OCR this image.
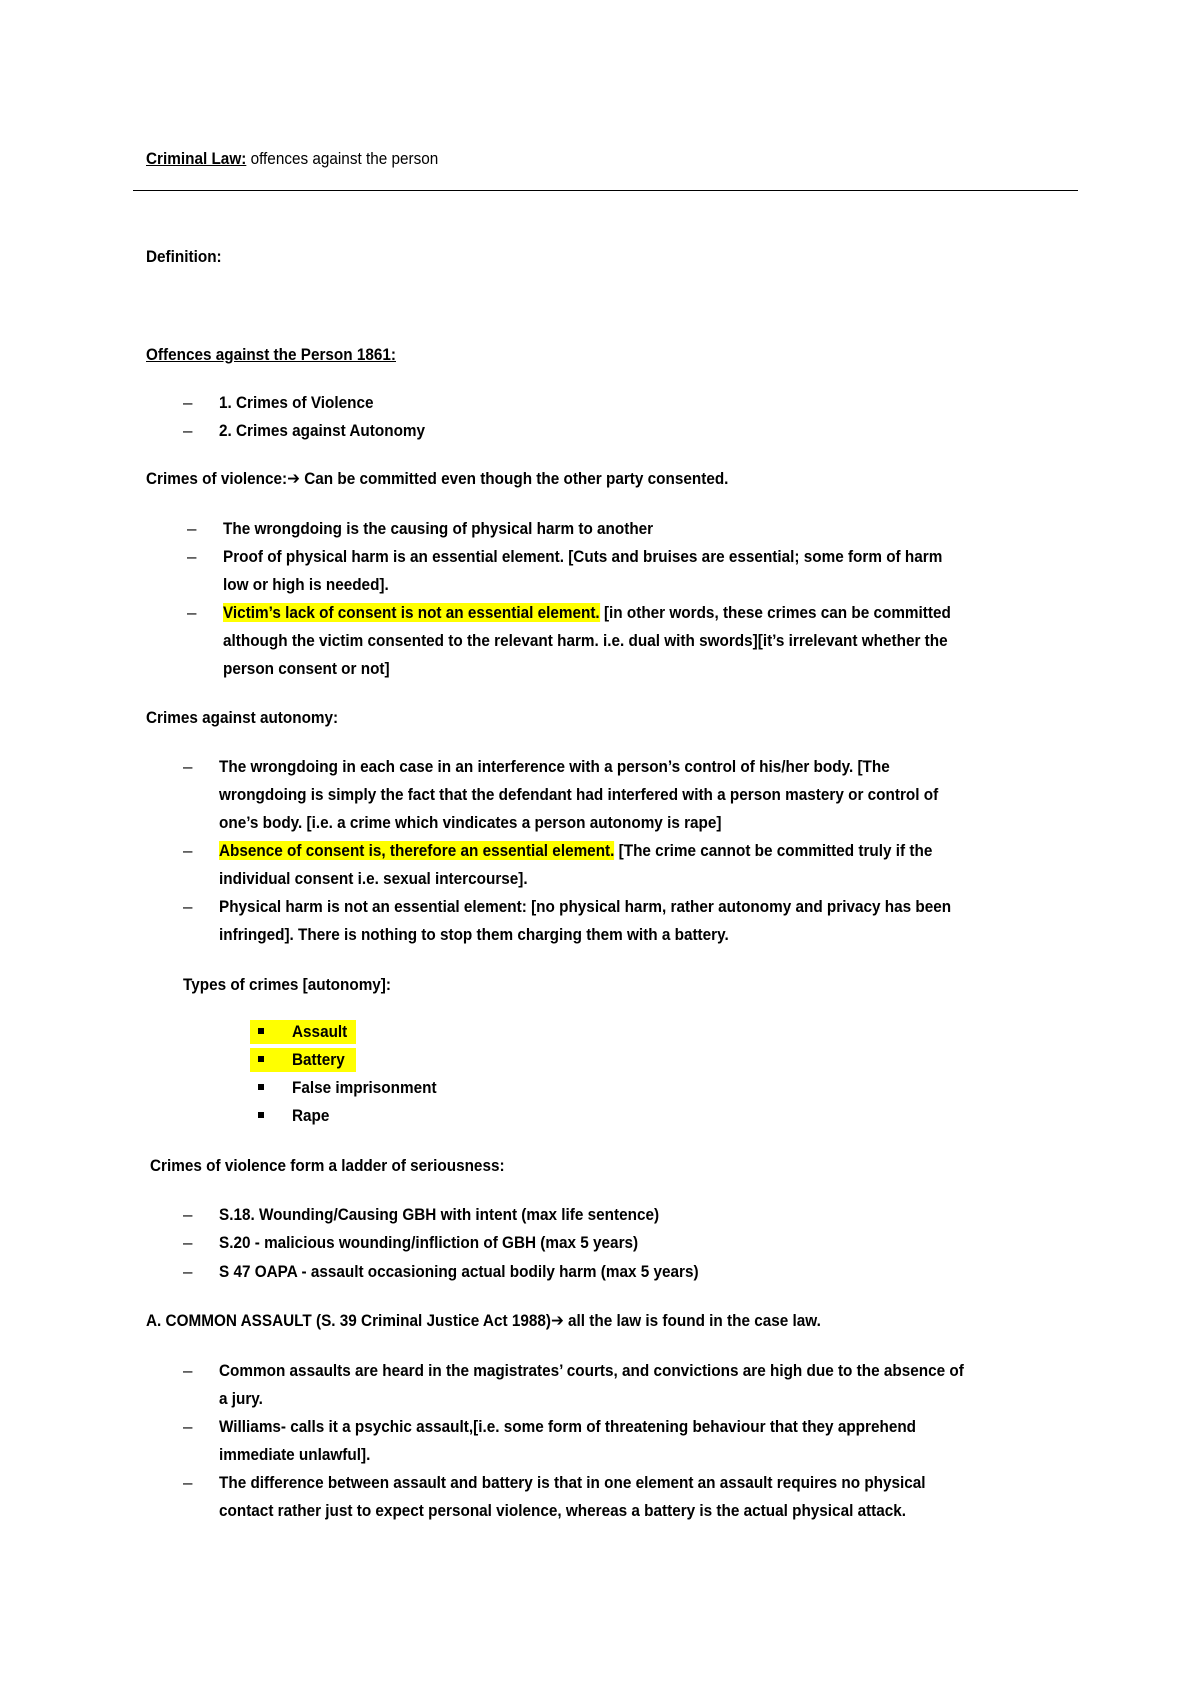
Criminal Law: offences against the person
Definition:
Offences against the Person 1861:
– 1. Crimes of Violence
– 2. Crimes against Autonomy
Crimes of violence:➔ Can be committed even though the other party consented.
– The wrongdoing is the causing of physical harm to another
– Proof of physical harm is an essential element. [Cuts and bruises are essential; some form of harm
low or high is needed].
– Victim’s lack of consent is not an essential element. [in other words, these crimes can be committed
although the victim consented to the relevant harm. i.e. dual with swords][it’s irrelevant whether the
person consent or not]
Crimes against autonomy:
– The wrongdoing in each case in an interference with a person’s control of his/her body. [The
wrongdoing is simply the fact that the defendant had interfered with a person mastery or control of
one’s body. [i.e. a crime which vindicates a person autonomy is rape]
– Absence of consent is, therefore an essential element. [The crime cannot be committed truly if the
individual consent i.e. sexual intercourse].
– Physical harm is not an essential element: [no physical harm, rather autonomy and privacy has been
infringed]. There is nothing to stop them charging them with a battery.
Types of crimes [autonomy]:
Assault
Battery
False imprisonment
Rape
Crimes of violence form a ladder of seriousness:
– S.18. Wounding/Causing GBH with intent (max life sentence)
– S.20 - malicious wounding/infliction of GBH (max 5 years)
– S 47 OAPA - assault occasioning actual bodily harm (max 5 years)
A. COMMON ASSAULT (S. 39 Criminal Justice Act 1988)➔ all the law is found in the case law.
– Common assaults are heard in the magistrates’ courts, and convictions are high due to the absence of
a jury.
– Williams- calls it a psychic assault,[i.e. some form of threatening behaviour that they apprehend
immediate unlawful].
– The difference between assault and battery is that in one element an assault requires no physical
contact rather just to expect personal violence, whereas a battery is the actual physical attack.
